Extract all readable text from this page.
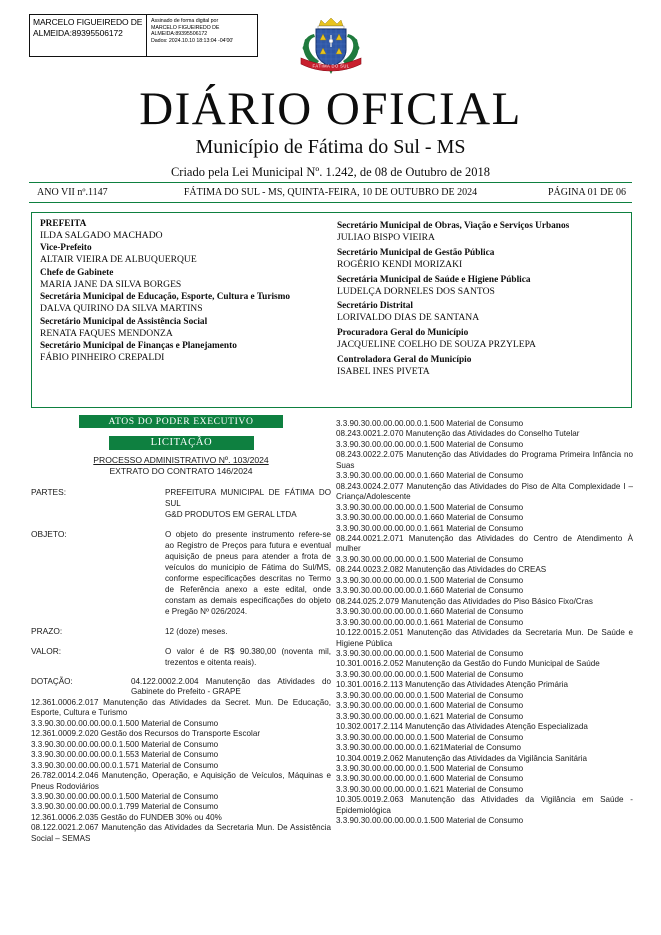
MARCELO FIGUEIREDO DE ALMEIDA:89395506172
Assinado de forma digital por
MARCELO FIGUEIREDO DE
ALMEIDA:89395506172
Dados: 2024.10.10 18:13:04 -04'00'
FÁTIMA DO SUL
DIÁRIO OFICIAL
Município de Fátima do Sul - MS
Criado pela Lei Municipal Nº. 1.242, de 08 de Outubro de 2018
ANO VII nº.1147	FÁTIMA DO SUL - MS, QUINTA-FEIRA, 10 DE OUTUBRO DE 2024	PÁGINA 01 DE 06
PREFEITA
ILDA SALGADO MACHADO
Vice-Prefeito
ALTAIR VIEIRA DE ALBUQUERQUE
Chefe de Gabinete
MARIA JANE DA SILVA BORGES
Secretária Municipal de Educação, Esporte, Cultura e Turismo
DALVA QUIRINO DA SILVA MARTINS
Secretário Municipal de Assistência Social
RENATA FAQUES MENDONZA
Secretário Municipal de Finanças e Planejamento
FÁBIO PINHEIRO CREPALDI
Secretário Municipal de Obras, Viação e Serviços Urbanos
JULIAO BISPO VIEIRA
Secretário Municipal de Gestão Pública
ROGÉRIO KENDI MORIZAKI
Secretária Municipal de Saúde e Higiene Pública
LUDELÇA DORNELES DOS SANTOS
Secretário Distrital
LORIVALDO DIAS DE SANTANA
Procuradora Geral do Município
JACQUELINE COELHO DE SOUZA PRZYLEPA
Controladora Geral do Município
ISABEL INES PIVETA
ATOS DO PODER EXECUTIVO
LICITAÇÃO
PROCESSO ADMINISTRATIVO Nº. 103/2024
EXTRATO DO CONTRATO 146/2024
PARTES:	PREFEITURA MUNICIPAL DE FÁTIMA DO SUL
G&D PRODUTOS EM GERAL LTDA
OBJETO:	O objeto do presente instrumento refere-se ao Registro de Preços para futura e eventual aquisição de pneus para atender a frota de veículos do municipio de Fátima do Sul/MS, conforme especificações descritas no Termo de Referência anexo a este edital, onde constam as demais especificações do objeto e Pregão Nº 026/2024.
PRAZO:	12 (doze) meses.
VALOR:	O valor é de R$ 90.380,00 (noventa mil, trezentos e oitenta reais).
DOTAÇÃO:	04.122.0002.2.004 Manutenção das Atividades do Gabinete do Prefeito - GRAPE
12.361.0006.2.017 Manutenção das Atividades da Secret. Mun. De Educação, Esporte, Cultura e Turismo
3.3.90.30.00.00.00.00.0.1.500 Material de Consumo
12.361.0009.2.020 Gestão dos Recursos do Transporte Escolar
3.3.90.30.00.00.00.00.0.1.500 Material de Consumo
3.3.90.30.00.00.00.00.0.1.553 Material de Consumo
3.3.90.30.00.00.00.00.0.1.571 Material de Consumo
26.782.0014.2.046 Manutenção, Operação, e Aquisição de Veículos, Máquinas e Pneus Rodoviários
3.3.90.30.00.00.00.00.0.1.500 Material de Consumo
3.3.90.30.00.00.00.00.0.1.799 Material de Consumo
12.361.0006.2.035 Gestão do FUNDEB 30% ou 40%
08.122.0021.2.067 Manutenção das Atividades da Secretaria Mun. De Assistência Social – SEMAS
3.3.90.30.00.00.00.00.0.1.500 Material de Consumo
08.243.0021.2.070 Manutenção das Atividades do Conselho Tutelar
3.3.90.30.00.00.00.00.0.1.500 Material de Consumo
08.243.0022.2.075 Manutenção das Atividades do Programa Primeira Infância no Suas
3.3.90.30.00.00.00.00.0.1.660 Material de Consumo
08.243.0024.2.077 Manutenção das Atividades do Piso de Alta Complexidade I – Criança/Adolescente
3.3.90.30.00.00.00.00.0.1.500 Material de Consumo
3.3.90.30.00.00.00.00.0.1.660 Material de Consumo
3.3.90.30.00.00.00.00.0.1.661 Material de Consumo
08.244.0021.2.071 Manutenção das Atividades do Centro de Atendimento À mulher
3.3.90.30.00.00.00.00.0.1.500 Material de Consumo
08.244.0023.2.082 Manutenção das Atividades do CREAS
3.3.90.30.00.00.00.00.0.1.500 Material de Consumo
3.3.90.30.00.00.00.00.0.1.660 Material de Consumo
08.244.025.2.079 Manutenção das Atividades do Piso Básico Fixo/Cras
3.3.90.30.00.00.00.00.0.1.660 Material de Consumo
3.3.90.30.00.00.00.00.0.1.661 Material de Consumo
10.122.0015.2.051 Manutenção das Atividades da Secretaria Mun. De Saúde e Higiene Pública
3.3.90.30.00.00.00.00.0.1.500 Material de Consumo
10.301.0016.2.052 Manutenção da Gestão do Fundo Municipal de Saúde
3.3.90.30.00.00.00.00.0.1.500 Material de Consumo
10.301.0016.2.113 Manutenção das Atividades Atenção Primária
3.3.90.30.00.00.00.00.0.1.500 Material de Consumo
3.3.90.30.00.00.00.00.0.1.600 Material de Consumo
3.3.90.30.00.00.00.00.0.1.621 Material de Consumo
10.302.0017.2.114 Manutenção das Atividades Atenção Especializada
3.3.90.30.00.00.00.00.0.1.500 Material de Consumo
3.3.90.30.00.00.00.00.0.1.621Material de Consumo
10.304.0019.2.062 Manutenção das Atividades da Vigilância Sanitária
3.3.90.30.00.00.00.00.0.1.500 Material de Consumo
3.3.90.30.00.00.00.00.0.1.600 Material de Consumo
3.3.90.30.00.00.00.00.0.1.621 Material de Consumo
10.305.0019.2.063 Manutenção das Atividades da Vigilância em Saúde - Epidemiológica
3.3.90.30.00.00.00.00.0.1.500 Material de Consumo
